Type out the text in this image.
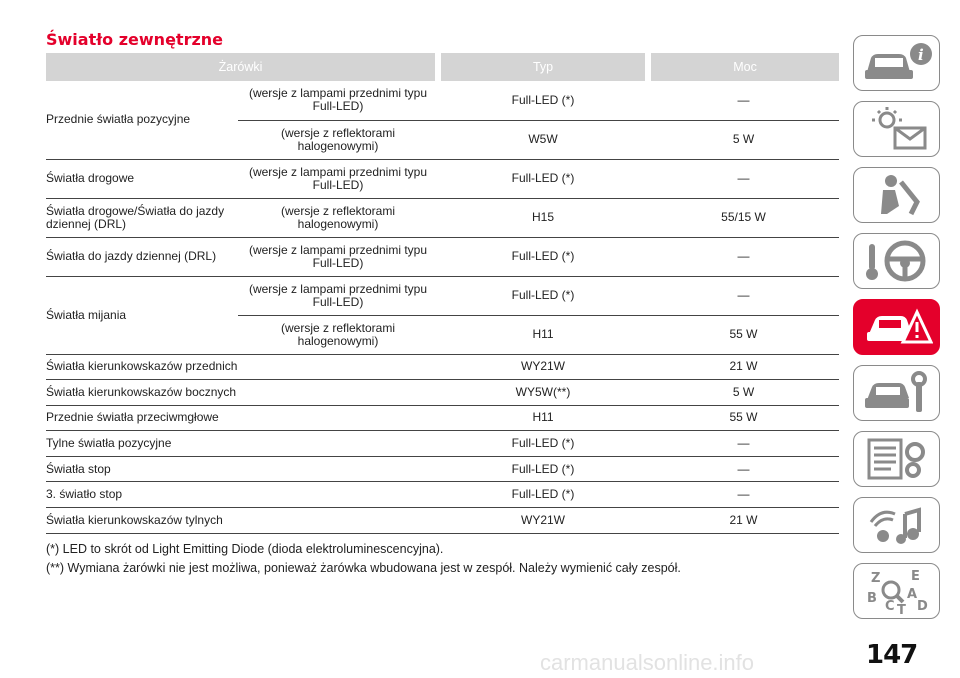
Światło zewnętrzne
Żarówki		Typ	Moc
Przednie światła pozycyjne	(wersje z lampami przednimi typu Full-LED)	Full-LED (*)	—
	(wersje z reflektorami halogenowymi)	W5W	5 W
Światła drogowe	(wersje z lampami przednimi typu Full-LED)	Full-LED (*)	—
Światła drogowe/Światła do jazdy dziennej (DRL)	(wersje z reflektorami halogenowymi)	H15	55/15 W
Światła do jazdy dziennej (DRL)	(wersje z lampami przednimi typu Full-LED)	Full-LED (*)	—
Światła mijania	(wersje z lampami przednimi typu Full-LED)	Full-LED (*)	—
	(wersje z reflektorami halogenowymi)	H11	55 W
Światła kierunkowskazów przednich		WY21W	21 W
Światła kierunkowskazów bocznych		WY5W(**)	5 W
Przednie światła przeciwmgłowe		H11	55 W
Tylne światła pozycyjne		Full-LED (*)	—
Światła stop		Full-LED (*)	—
3. światło stop		Full-LED (*)	—
Światła kierunkowskazów tylnych		WY21W	21 W
(*) LED to skrót od Light Emitting Diode (dioda elektroluminescencyjna).
(**) Wymiana żarówki nie jest możliwa, ponieważ żarówka wbudowana jest w zespół. Należy wymienić cały zespół.
i
Z E
B A
C D
T
147
carmanualsonline.info
